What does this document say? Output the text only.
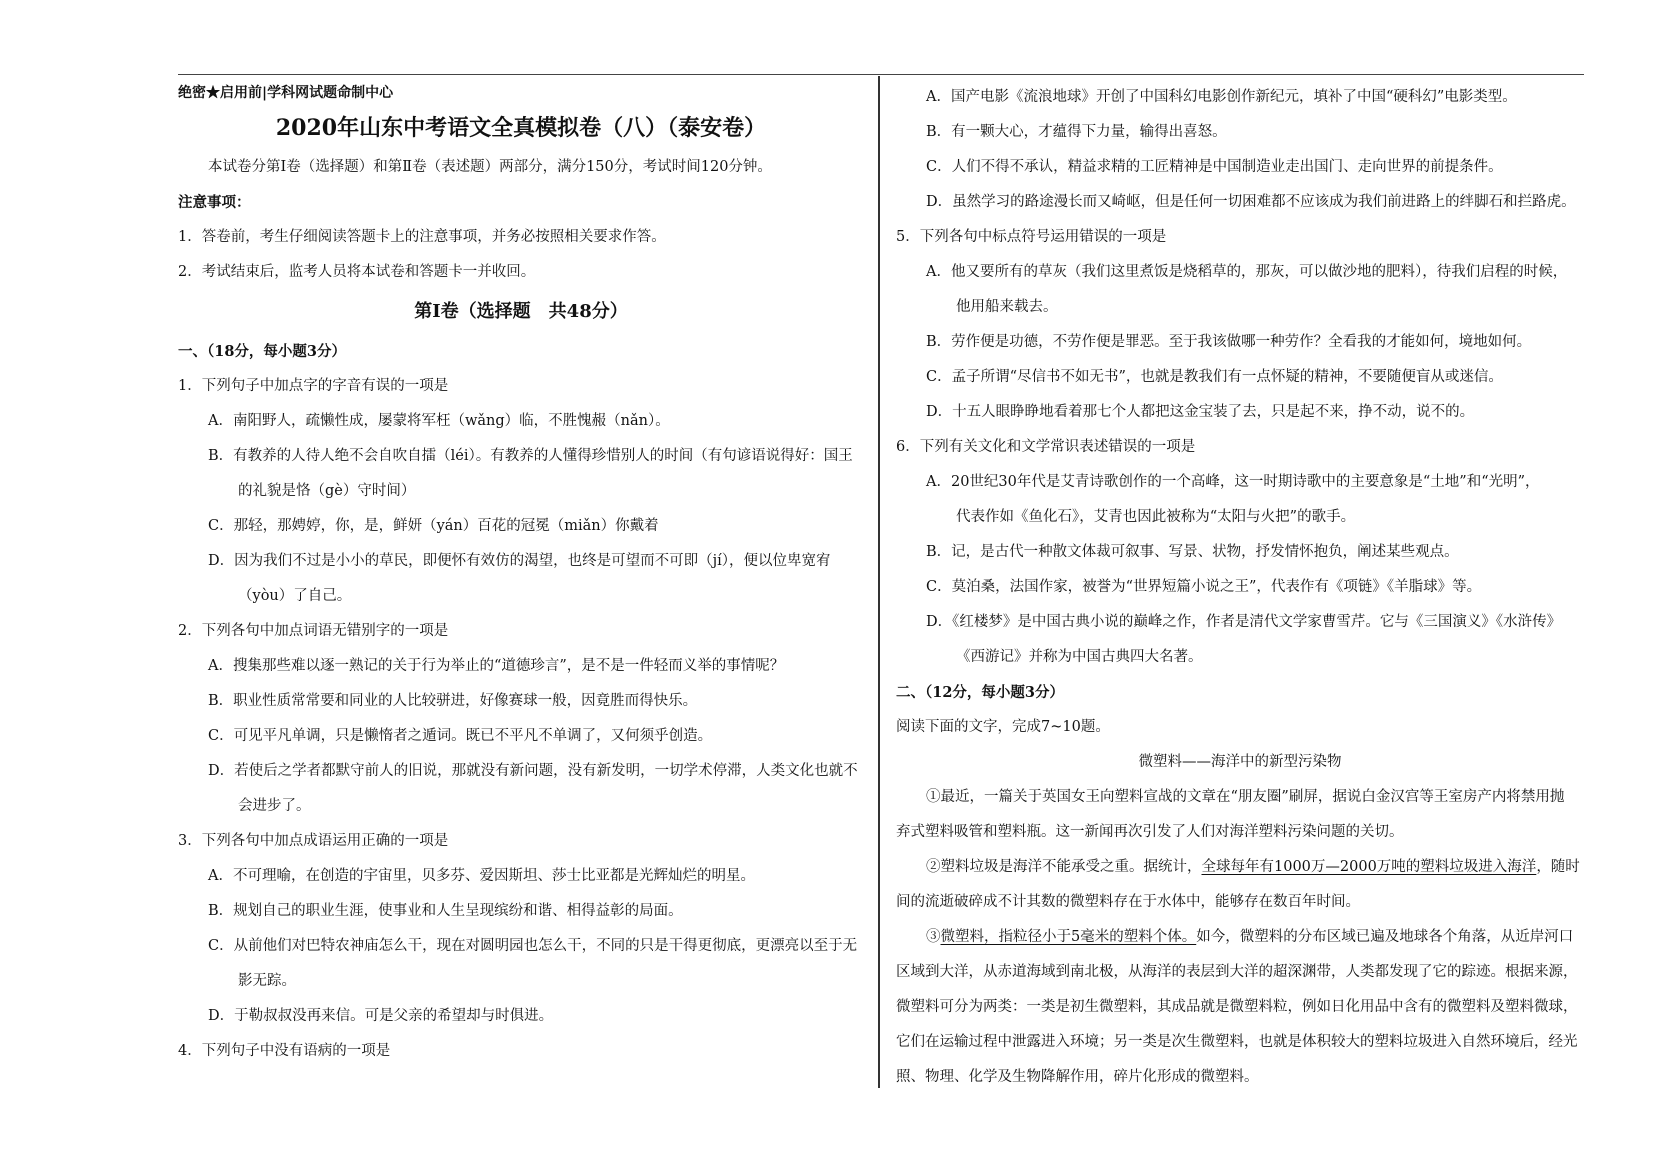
绝密★启用前|学科网试题命制中心
2020年山东中考语文全真模拟卷（八）（泰安卷）
本试卷分第Ⅰ卷（选择题）和第Ⅱ卷（表述题）两部分，满分150分，考试时间120分钟。
注意事项：
1．答卷前，考生仔细阅读答题卡上的注意事项，并务必按照相关要求作答。
2．考试结束后，监考人员将本试卷和答题卡一并收回。
第Ⅰ卷（选择题　共48分）
一、（18分，每小题3分）
1．下列句子中加点字的字音有误的一项是
A．南阳野人，疏懒性成，屡蒙将军枉（wǎng）临，不胜愧赧（nǎn）。
B．有教养的人待人绝不会自吹自擂（léi）。有教养的人懂得珍惜别人的时间（有句谚语说得好：国王
的礼貌是恪（gè）守时间）
C．那轻，那娉婷，你，是，鲜妍（yán）百花的冠冕（miǎn）你戴着
D．因为我们不过是小小的草民，即便怀有效仿的渴望，也终是可望而不可即（jí），便以位卑宽宥
（yòu）了自己。
2．下列各句中加点词语无错别字的一项是
A．搜集那些难以逐一熟记的关于行为举止的“道德珍言”，是不是一件轻而义举的事情呢？
B．职业性质常常要和同业的人比较骈进，好像赛球一般，因竟胜而得快乐。
C．可见平凡单调，只是懒惰者之遁词。既已不平凡不单调了，又何须乎创造。
D．若使后之学者都默守前人的旧说，那就没有新问题，没有新发明，一切学术停滞，人类文化也就不
会进步了。
3．下列各句中加点成语运用正确的一项是
A．不可理喻，在创造的宇宙里，贝多芬、爱因斯坦、莎士比亚都是光辉灿烂的明星。
B．规划自己的职业生涯，使事业和人生呈现缤纷和谐、相得益彰的局面。
C．从前他们对巴特农神庙怎么干，现在对圆明园也怎么干，不同的只是干得更彻底，更漂亮以至于无
影无踪。
D．于勒叔叔没再来信。可是父亲的希望却与时俱进。
4．下列句子中没有语病的一项是
A．国产电影《流浪地球》开创了中国科幻电影创作新纪元，填补了中国“硬科幻”电影类型。
B．有一颗大心，才蕴得下力量，输得出喜怒。
C．人们不得不承认，精益求精的工匠精神是中国制造业走出国门、走向世界的前提条件。
D．虽然学习的路途漫长而又崎岖，但是任何一切困难都不应该成为我们前进路上的绊脚石和拦路虎。
5．下列各句中标点符号运用错误的一项是
A．他又要所有的草灰（我们这里煮饭是烧稻草的，那灰，可以做沙地的肥料），待我们启程的时候，
他用船来载去。
B．劳作便是功德，不劳作便是罪恶。至于我该做哪一种劳作？全看我的才能如何，境地如何。
C．孟子所谓“尽信书不如无书”，也就是教我们有一点怀疑的精神，不要随便盲从或迷信。
D．十五人眼睁睁地看着那七个人都把这金宝装了去，只是起不来，挣不动，说不的。
6．下列有关文化和文学常识表述错误的一项是
A．20世纪30年代是艾青诗歌创作的一个高峰，这一时期诗歌中的主要意象是“土地”和“光明”，
代表作如《鱼化石》，艾青也因此被称为“太阳与火把”的歌手。
B．记，是古代一种散文体裁可叙事、写景、状物，抒发情怀抱负，阐述某些观点。
C．莫泊桑，法国作家，被誉为“世界短篇小说之王”，代表作有《项链》《羊脂球》等。
D．《红楼梦》是中国古典小说的巅峰之作，作者是清代文学家曹雪芹。它与《三国演义》《水浒传》
《西游记》并称为中国古典四大名著。
二、（12分，每小题3分）
阅读下面的文字，完成7~10题。
微塑料——海洋中的新型污染物
①最近，一篇关于英国女王向塑料宣战的文章在“朋友圈”刷屏，据说白金汉宫等王室房产内将禁用抛
弃式塑料吸管和塑料瓶。这一新闻再次引发了人们对海洋塑料污染问题的关切。
②塑料垃圾是海洋不能承受之重。据统计，全球每年有1000万—2000万吨的塑料垃圾进入海洋，随时
间的流逝破碎成不计其数的微塑料存在于水体中，能够存在数百年时间。
③微塑料，指粒径小于5毫米的塑料个体。如今，微塑料的分布区域已遍及地球各个角落，从近岸河口
区域到大洋，从赤道海域到南北极，从海洋的表层到大洋的超深渊带，人类都发现了它的踪迹。根据来源，
微塑料可分为两类：一类是初生微塑料，其成品就是微塑料粒，例如日化用品中含有的微塑料及塑料微球，
它们在运输过程中泄露进入环境；另一类是次生微塑料，也就是体积较大的塑料垃圾进入自然环境后，经光
照、物理、化学及生物降解作用，碎片化形成的微塑料。
